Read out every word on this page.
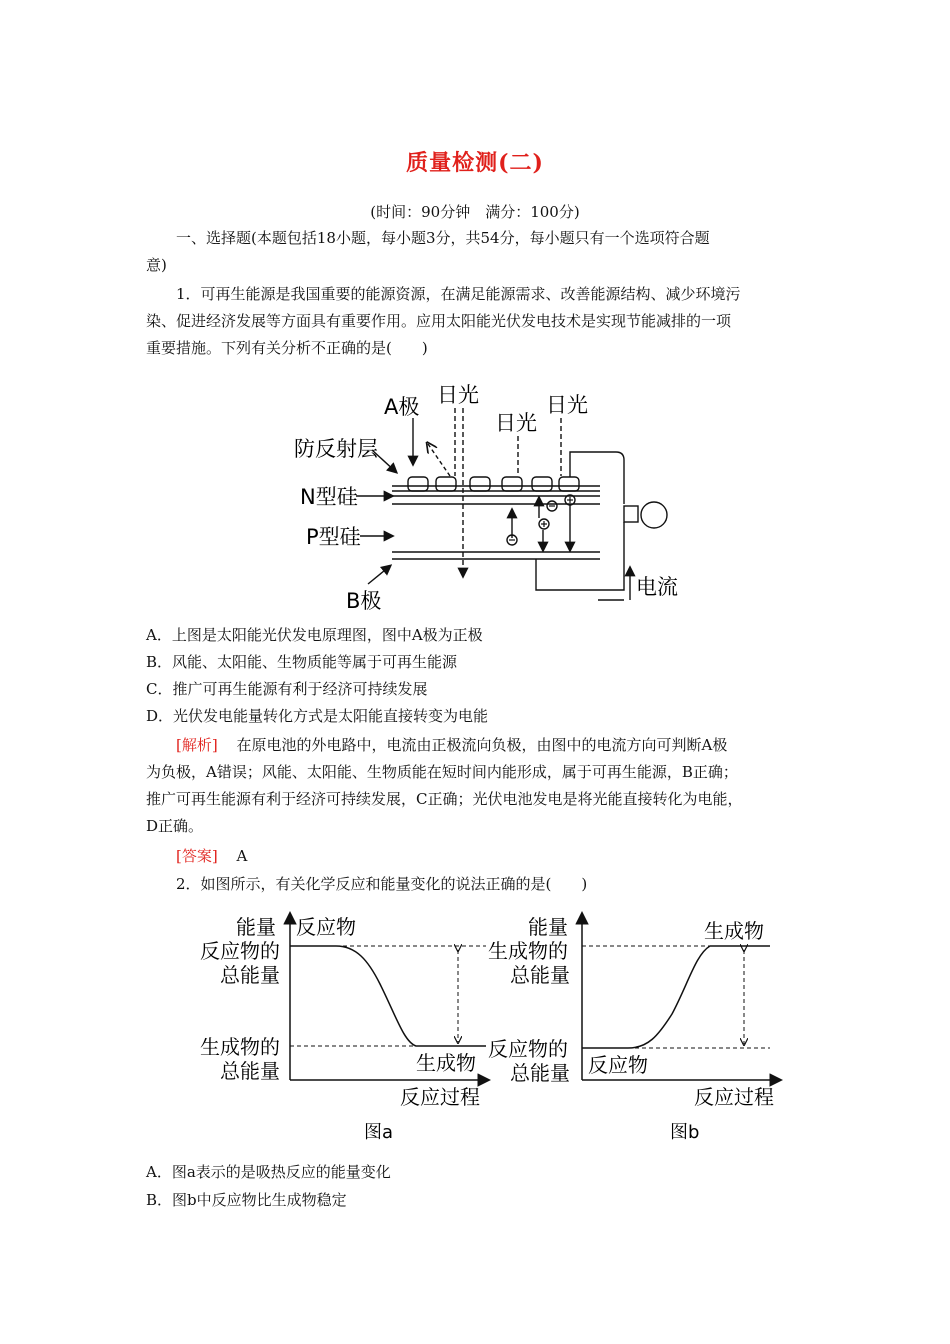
质量检测(二)
(时间：90分钟　满分：100分)
一、选择题(本题包括18小题，每小题3分，共54分，每小题只有一个选项符合题
意)
1．可再生能源是我国重要的能源资源，在满足能源需求、改善能源结构、减少环境污
染、促进经济发展等方面具有重要作用。应用太阳能光伏发电技术是实现节能减排的一项
重要措施。下列有关分析不正确的是(　　)
A极 日光
日光
日光
防反射层
N型硅
P型硅
B极
电流
A．上图是太阳能光伏发电原理图，图中A极为正极
B．风能、太阳能、生物质能等属于可再生能源
C．推广可再生能源有利于经济可持续发展
D．光伏发电能量转化方式是太阳能直接转变为电能
[解析] 在原电池的外电路中，电流由正极流向负极，由图中的电流方向可判断A极
为负极，A错误；风能、太阳能、生物质能在短时间内能形成，属于可再生能源，B正确；
推广可再生能源有利于经济可持续发展，C正确；光伏电池发电是将光能直接转化为电能，
D正确。
[答案] A
2．如图所示，有关化学反应和能量变化的说法正确的是(　　)
能量 反应物
反应物的
总能量
生成物的
总能量	生成物
反应过程
图a
能量	生成物
生成物的
总能量
反应物的
总能量 反应物
反应过程
图b
A．图a表示的是吸热反应的能量变化
B．图b中反应物比生成物稳定
